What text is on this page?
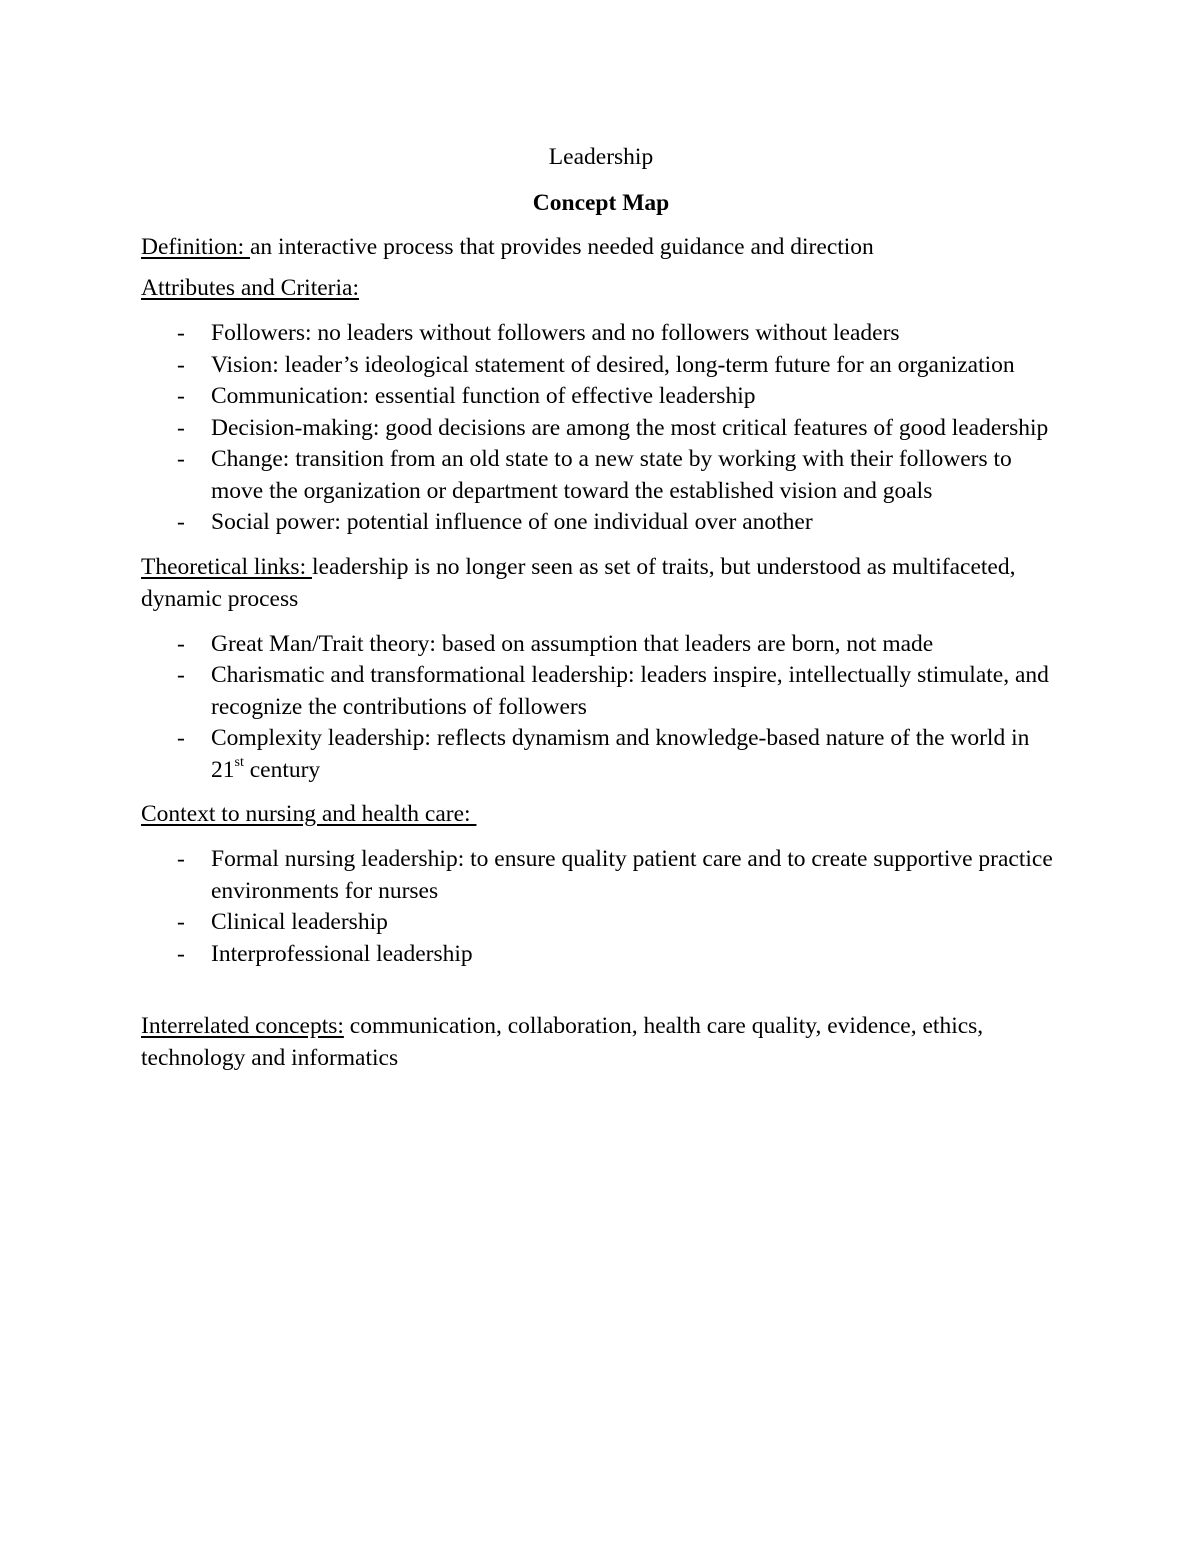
Leadership

Concept Map

Definition: an interactive process that provides needed guidance and direction

Attributes and Criteria:

- Followers: no leaders without followers and no followers without leaders
- Vision: leader’s ideological statement of desired, long-term future for an organization
- Communication: essential function of effective leadership
- Decision-making: good decisions are among the most critical features of good leadership
- Change: transition from an old state to a new state by working with their followers to move the organization or department toward the established vision and goals
- Social power: potential influence of one individual over another

Theoretical links: leadership is no longer seen as set of traits, but understood as multifaceted, dynamic process

- Great Man/Trait theory: based on assumption that leaders are born, not made
- Charismatic and transformational leadership: leaders inspire, intellectually stimulate, and recognize the contributions of followers
- Complexity leadership: reflects dynamism and knowledge-based nature of the world in 21st century

Context to nursing and health care:

- Formal nursing leadership: to ensure quality patient care and to create supportive practice environments for nurses
- Clinical leadership
- Interprofessional leadership

Interrelated concepts: communication, collaboration, health care quality, evidence, ethics, technology and informatics
